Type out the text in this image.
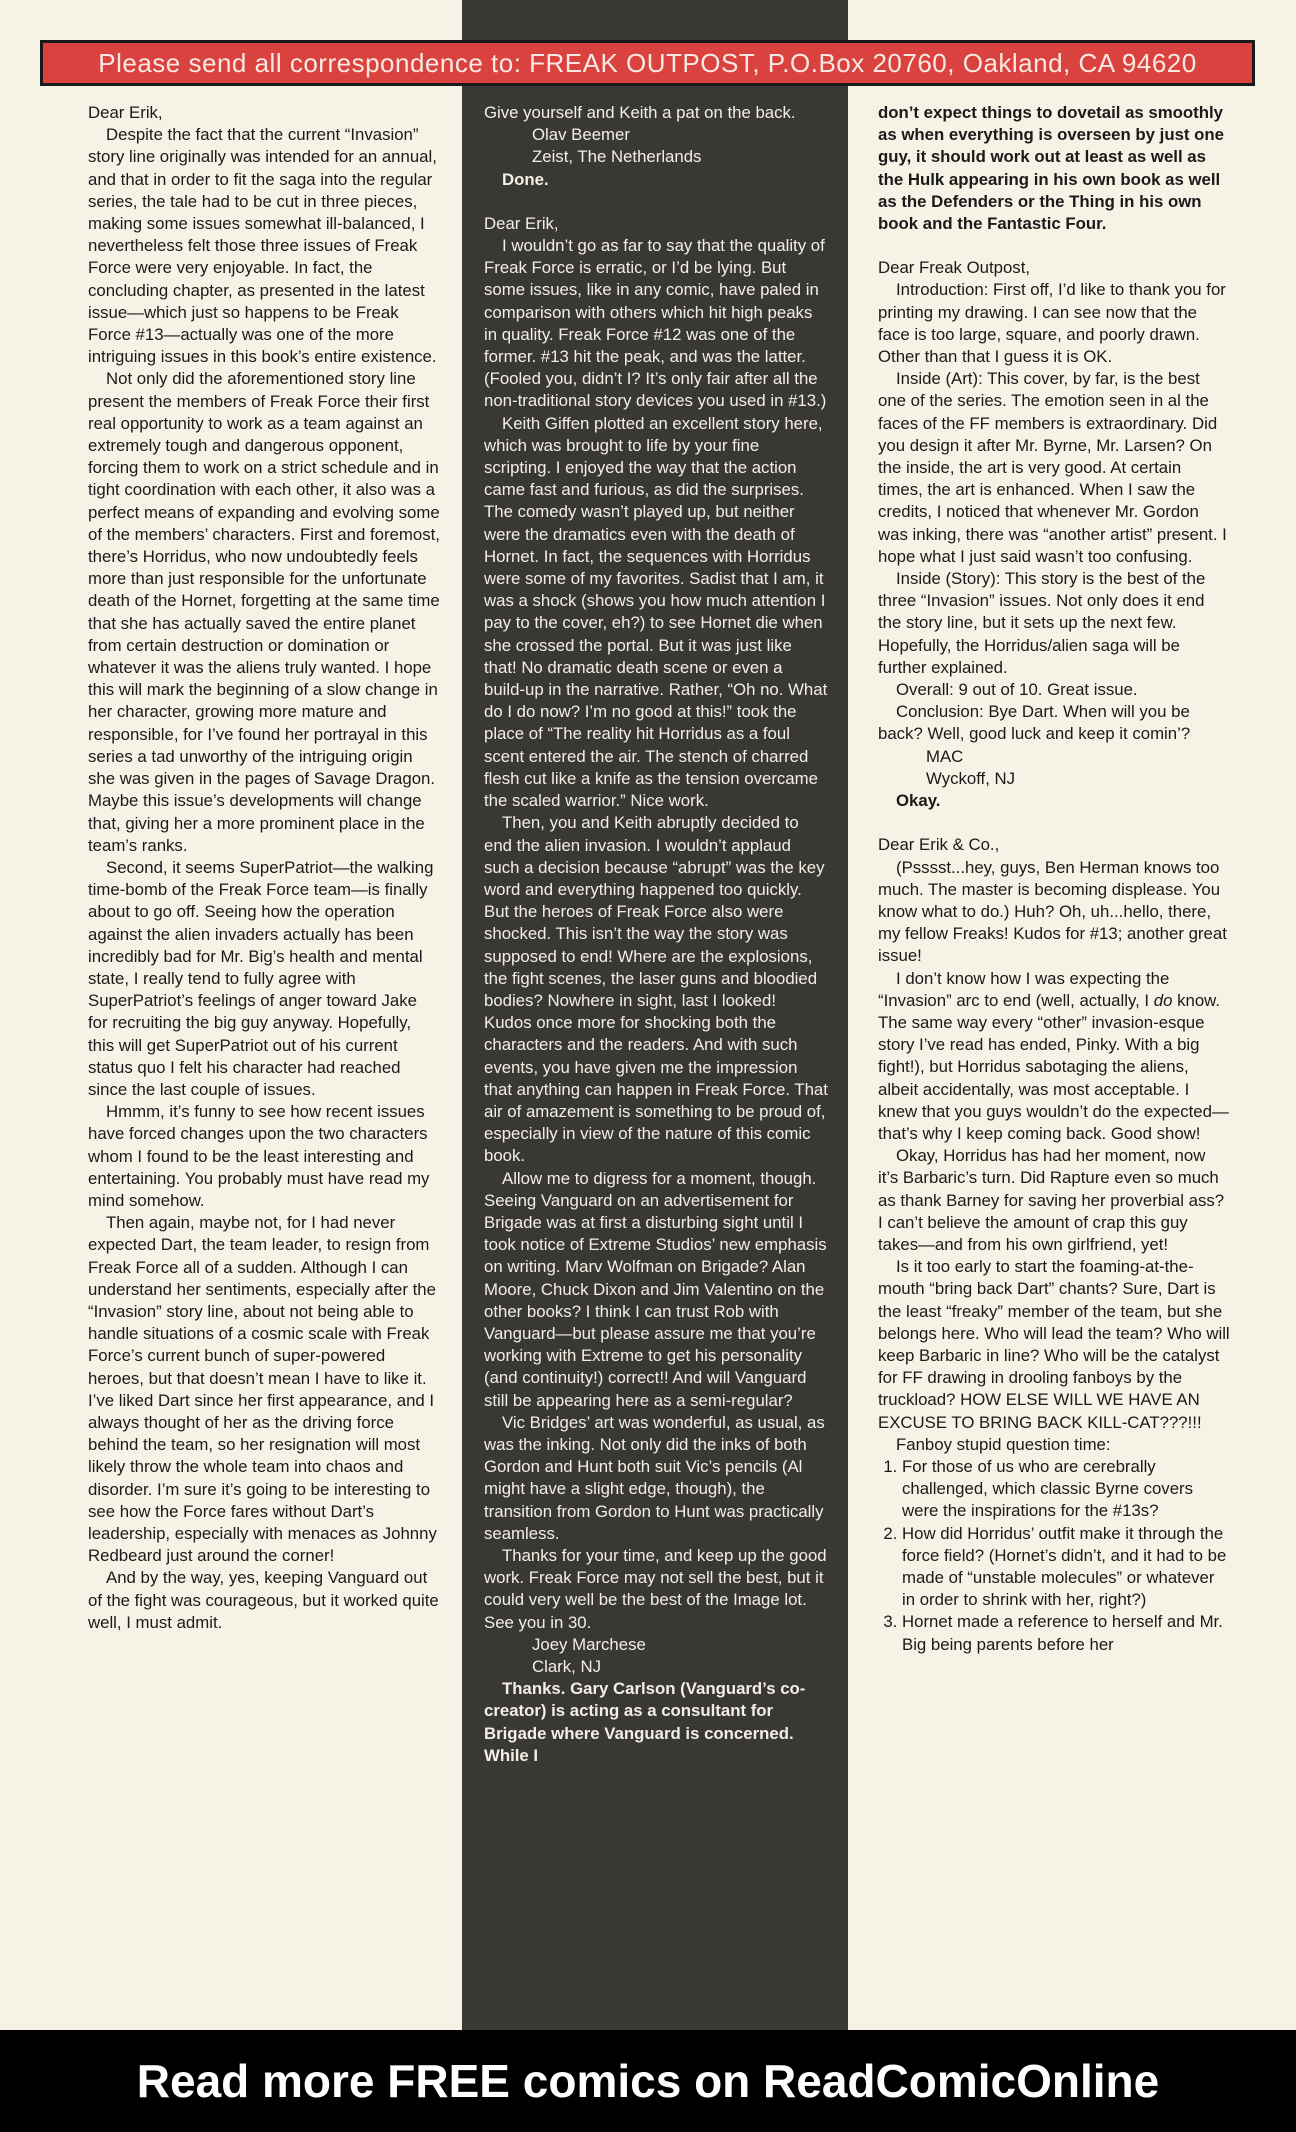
Please send all correspondence to: FREAK OUTPOST, P.O.Box 20760, Oakland, CA 94620

Dear Erik,

Despite the fact that the current “Invasion” story line originally was intended for an annual, and that in order to fit the saga into the regular series, the tale had to be cut in three pieces, making some issues somewhat ill-balanced, I nevertheless felt those three issues of Freak Force were very enjoyable. In fact, the concluding chapter, as presented in the latest issue—which just so happens to be Freak Force #13—actually was one of the more intriguing issues in this book’s entire existence.

Not only did the aforementioned story line present the members of Freak Force their first real opportunity to work as a team against an extremely tough and dangerous opponent, forcing them to work on a strict schedule and in tight coordination with each other, it also was a perfect means of expanding and evolving some of the members’ characters. First and foremost, there’s Horridus, who now undoubtedly feels more than just responsible for the unfortunate death of the Hornet, forgetting at the same time that she has actually saved the entire planet from certain destruction or domination or whatever it was the aliens truly wanted. I hope this will mark the beginning of a slow change in her character, growing more mature and responsible, for I’ve found her portrayal in this series a tad unworthy of the intriguing origin she was given in the pages of Savage Dragon. Maybe this issue’s developments will change that, giving her a more prominent place in the team’s ranks.

Second, it seems SuperPatriot—the walking time-bomb of the Freak Force team—is finally about to go off. Seeing how the operation against the alien invaders actually has been incredibly bad for Mr. Big’s health and mental state, I really tend to fully agree with SuperPatriot’s feelings of anger toward Jake for recruiting the big guy anyway. Hopefully, this will get SuperPatriot out of his current status quo I felt his character had reached since the last couple of issues.

Hmmm, it’s funny to see how recent issues have forced changes upon the two characters whom I found to be the least interesting and entertaining. You probably must have read my mind somehow.

Then again, maybe not, for I had never expected Dart, the team leader, to resign from Freak Force all of a sudden. Although I can understand her sentiments, especially after the “Invasion” story line, about not being able to handle situations of a cosmic scale with Freak Force’s current bunch of super-powered heroes, but that doesn’t mean I have to like it. I’ve liked Dart since her first appearance, and I always thought of her as the driving force behind the team, so her resignation will most likely throw the whole team into chaos and disorder. I’m sure it’s going to be interesting to see how the Force fares without Dart’s leadership, especially with menaces as Johnny Redbeard just around the corner!

And by the way, yes, keeping Vanguard out of the fight was courageous, but it worked quite well, I must admit.

Give yourself and Keith a pat on the back.

Olav Beemer

Zeist, The Netherlands

Done.

Dear Erik,

I wouldn’t go as far to say that the quality of Freak Force is erratic, or I’d be lying. But some issues, like in any comic, have paled in comparison with others which hit high peaks in quality. Freak Force #12 was one of the former. #13 hit the peak, and was the latter. (Fooled you, didn’t I? It’s only fair after all the non-traditional story devices you used in #13.)

Keith Giffen plotted an excellent story here, which was brought to life by your fine scripting. I enjoyed the way that the action came fast and furious, as did the surprises. The comedy wasn’t played up, but neither were the dramatics even with the death of Hornet. In fact, the sequences with Horridus were some of my favorites. Sadist that I am, it was a shock (shows you how much attention I pay to the cover, eh?) to see Hornet die when she crossed the portal. But it was just like that! No dramatic death scene or even a build-up in the narrative. Rather, “Oh no. What do I do now? I’m no good at this!” took the place of “The reality hit Horridus as a foul scent entered the air. The stench of charred flesh cut like a knife as the tension overcame the scaled warrior.” Nice work.

Then, you and Keith abruptly decided to end the alien invasion. I wouldn’t applaud such a decision because “abrupt” was the key word and everything happened too quickly. But the heroes of Freak Force also were shocked. This isn’t the way the story was supposed to end! Where are the explosions, the fight scenes, the laser guns and bloodied bodies? Nowhere in sight, last I looked! Kudos once more for shocking both the characters and the readers. And with such events, you have given me the impression that anything can happen in Freak Force. That air of amazement is something to be proud of, especially in view of the nature of this comic book.

Allow me to digress for a moment, though. Seeing Vanguard on an advertisement for Brigade was at first a disturbing sight until I took notice of Extreme Studios’ new emphasis on writing. Marv Wolfman on Brigade? Alan Moore, Chuck Dixon and Jim Valentino on the other books? I think I can trust Rob with Vanguard—but please assure me that you’re working with Extreme to get his personality (and continuity!) correct!! And will Vanguard still be appearing here as a semi-regular?

Vic Bridges’ art was wonderful, as usual, as was the inking. Not only did the inks of both Gordon and Hunt both suit Vic’s pencils (Al might have a slight edge, though), the transition from Gordon to Hunt was practically seamless.

Thanks for your time, and keep up the good work. Freak Force may not sell the best, but it could very well be the best of the Image lot. See you in 30.

Joey Marchese

Clark, NJ

Thanks. Gary Carlson (Vanguard’s co-creator) is acting as a consultant for Brigade where Vanguard is concerned. While I

don’t expect things to dovetail as smoothly as when everything is overseen by just one guy, it should work out at least as well as the Hulk appearing in his own book as well as the Defenders or the Thing in his own book and the Fantastic Four.

Dear Freak Outpost,

Introduction: First off, I’d like to thank you for printing my drawing. I can see now that the face is too large, square, and poorly drawn. Other than that I guess it is OK.

Inside (Art): This cover, by far, is the best one of the series. The emotion seen in al the faces of the FF members is extraordinary. Did you design it after Mr. Byrne, Mr. Larsen? On the inside, the art is very good. At certain times, the art is enhanced. When I saw the credits, I noticed that whenever Mr. Gordon was inking, there was “another artist” present. I hope what I just said wasn’t too confusing.

Inside (Story): This story is the best of the three “Invasion” issues. Not only does it end the story line, but it sets up the next few. Hopefully, the Horridus/alien saga will be further explained.

Overall: 9 out of 10. Great issue.

Conclusion: Bye Dart. When will you be back? Well, good luck and keep it comin’?

MAC

Wyckoff, NJ

Okay.

Dear Erik & Co.,

(Psssst...hey, guys, Ben Herman knows too much. The master is becoming displease. You know what to do.) Huh? Oh, uh...hello, there, my fellow Freaks! Kudos for #13; another great issue!

I don’t know how I was expecting the “Invasion” arc to end (well, actually, I do know. The same way every “other” invasion-esque story I’ve read has ended, Pinky. With a big fight!), but Horridus sabotaging the aliens, albeit accidentally, was most acceptable. I knew that you guys wouldn’t do the expected—that’s why I keep coming back. Good show!

Okay, Horridus has had her moment, now it’s Barbaric’s turn. Did Rapture even so much as thank Barney for saving her proverbial ass? I can’t believe the amount of crap this guy takes—and from his own girlfriend, yet!

Is it too early to start the foaming-at-the-mouth “bring back Dart” chants? Sure, Dart is the least “freaky” member of the team, but she belongs here. Who will lead the team? Who will keep Barbaric in line? Who will be the catalyst for FF drawing in drooling fanboys by the truckload? HOW ELSE WILL WE HAVE AN EXCUSE TO BRING BACK KILL-CAT???!!!

Fanboy stupid question time:

1. For those of us who are cerebrally challenged, which classic Byrne covers were the inspirations for the #13s?
2. How did Horridus’ outfit make it through the force field? (Hornet’s didn’t, and it had to be made of “unstable molecules” or whatever in order to shrink with her, right?)
3. Hornet made a reference to herself and Mr. Big being parents before her
Read more FREE comics on ReadComicOnline
